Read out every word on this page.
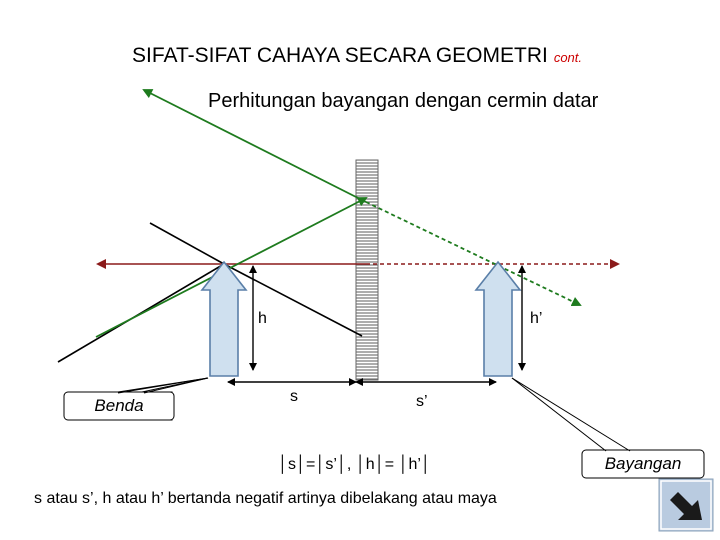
SIFAT-SIFAT CAHAYA SECARA GEOMETRI cont.
Perhitungan bayangan dengan cermin datar
h	h’
s	s’
Benda
Bayangan
│s│=│s’│, │h│= │h’│
s atau s’, h atau h’ bertanda negatif artinya dibelakang atau maya
